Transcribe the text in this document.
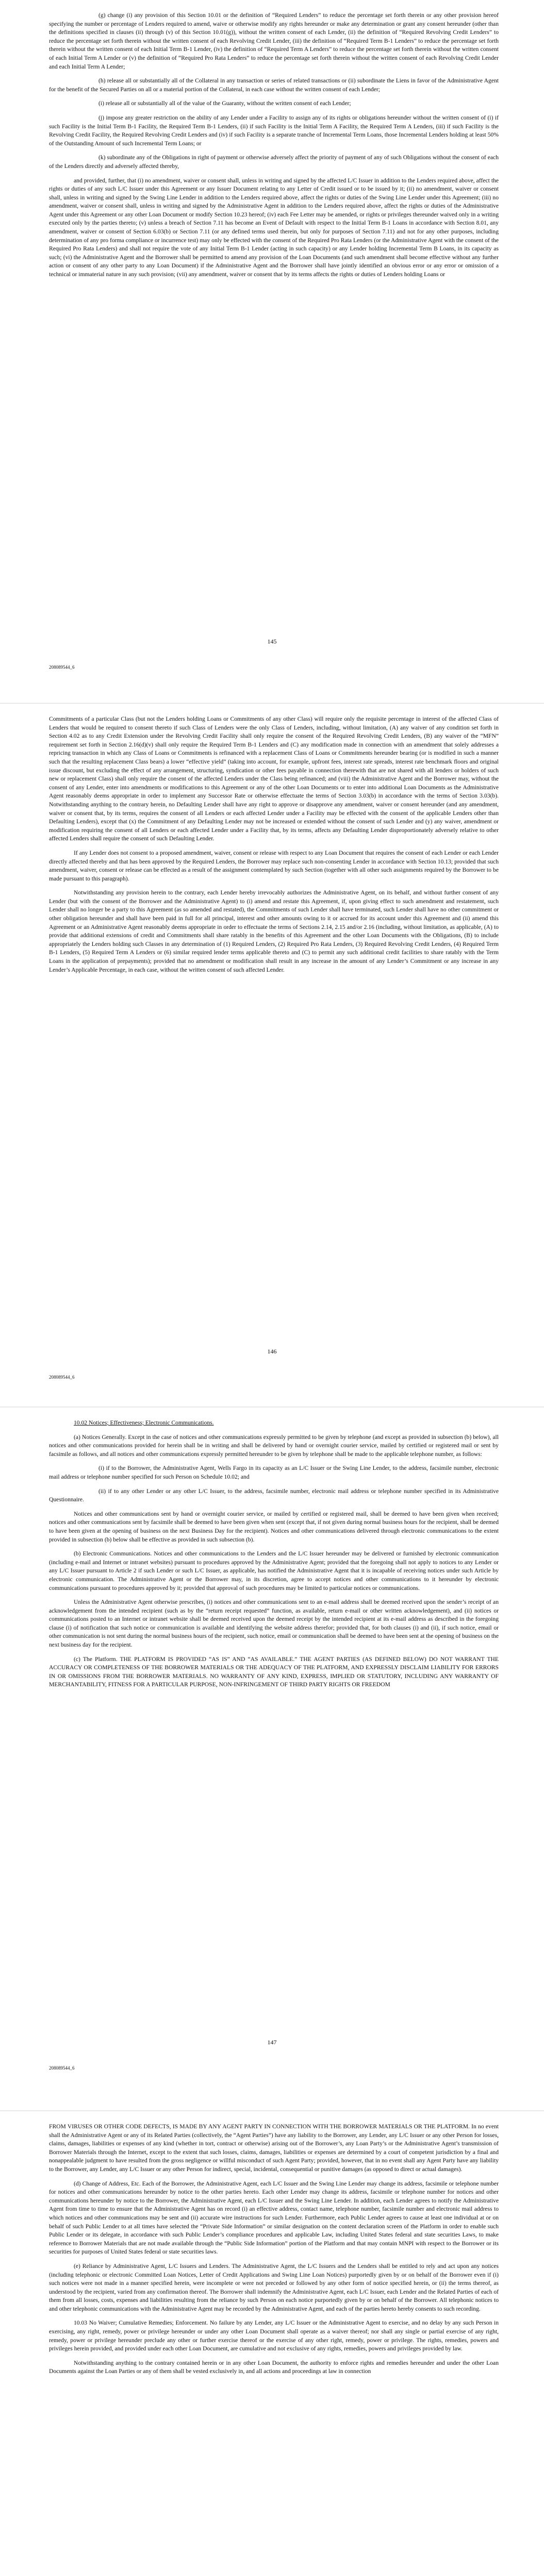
(g) change (i) any provision of this Section 10.01 or the definition of “Required Lenders” to reduce the percentage set forth therein or any other provision hereof specifying the number or percentage of Lenders required to amend, waive or otherwise modify any rights hereunder or make any determination or grant any consent hereunder (other than the definitions specified in clauses (ii) through (v) of this Section 10.01(g)), without the written consent of each Lender, (ii) the definition of “Required Revolving Credit Lenders” to reduce the percentage set forth therein without the written consent of each Revolving Credit Lender, (iii) the definition of “Required Term B-1 Lenders” to reduce the percentage set forth therein without the written consent of each Initial Term B-1 Lender, (iv) the definition of “Required Term A Lenders” to reduce the percentage set forth therein without the written consent of each Initial Term A Lender or (v) the definition of “Required Pro Rata Lenders” to reduce the percentage set forth therein without the written consent of each Revolving Credit Lender and each Initial Term A Lender;

(h) release all or substantially all of the Collateral in any transaction or series of related transactions or (ii) subordinate the Liens in favor of the Administrative Agent for the benefit of the Secured Parties on all or a material portion of the Collateral, in each case without the written consent of each Lender;

(i) release all or substantially all of the value of the Guaranty, without the written consent of each Lender;

(j) impose any greater restriction on the ability of any Lender under a Facility to assign any of its rights or obligations hereunder without the written consent of (i) if such Facility is the Initial Term B-1 Facility, the Required Term B-1 Lenders, (ii) if such Facility is the Initial Term A Facility, the Required Term A Lenders, (iii) if such Facility is the Revolving Credit Facility, the Required Revolving Credit Lenders and (iv) if such Facility is a separate tranche of Incremental Term Loans, those Incremental Lenders holding at least 50% of the Outstanding Amount of such Incremental Term Loans; or

(k) subordinate any of the Obligations in right of payment or otherwise adversely affect the priority of payment of any of such Obligations without the consent of each of the Lenders directly and adversely affected thereby,

and provided, further, that (i) no amendment, waiver or consent shall, unless in writing and signed by the affected L/C Issuer in addition to the Lenders required above, affect the rights or duties of any such L/C Issuer under this Agreement or any Issuer Document relating to any Letter of Credit issued or to be issued by it; (ii) no amendment, waiver or consent shall, unless in writing and signed by the Swing Line Lender in addition to the Lenders required above, affect the rights or duties of the Swing Line Lender under this Agreement; (iii) no amendment, waiver or consent shall, unless in writing and signed by the Administrative Agent in addition to the Lenders required above, affect the rights or duties of the Administrative Agent under this Agreement or any other Loan Document or modify Section 10.23 hereof; (iv) each Fee Letter may be amended, or rights or privileges thereunder waived only in a writing executed only by the parties thereto; (v) unless a breach of Section 7.11 has become an Event of Default with respect to the Initial Term B-1 Loans in accordance with Section 8.01, any amendment, waiver or consent of Section 6.03(b) or Section 7.11 (or any defined terms used therein, but only for purposes of Section 7.11) and not for any other purposes, including determination of any pro forma compliance or incurrence test) may only be effected with the consent of the Required Pro Rata Lenders (or the Administrative Agent with the consent of the Required Pro Rata Lenders) and shall not require the vote of any Initial Term B-1 Lender (acting in such capacity) or any Lender holding Incremental Term B Loans, in its capacity as such; (vi) the Administrative Agent and the Borrower shall be permitted to amend any provision of the Loan Documents (and such amendment shall become effective without any further action or consent of any other party to any Loan Document) if the Administrative Agent and the Borrower shall have jointly identified an obvious error or any error or omission of a technical or immaterial nature in any such provision; (vii) any amendment, waiver or consent that by its terms affects the rights or duties of Lenders holding Loans or

145
208089544_6

Commitments of a particular Class (but not the Lenders holding Loans or Commitments of any other Class) will require only the requisite percentage in interest of the affected Class of Lenders that would be required to consent thereto if such Class of Lenders were the only Class of Lenders, including, without limitation, (A) any waiver of any condition set forth in Section 4.02 as to any Credit Extension under the Revolving Credit Facility shall only require the consent of the Required Revolving Credit Lenders, (B) any waiver of the “MFN” requirement set forth in Section 2.16(d)(v) shall only require the Required Term B-1 Lenders and (C) any modification made in connection with an amendment that solely addresses a repricing transaction in which any Class of Loans or Commitments is refinanced with a replacement Class of Loans or Commitments hereunder bearing (or is modified in such a manner such that the resulting replacement Class bears) a lower “effective yield” (taking into account, for example, upfront fees, interest rate spreads, interest rate benchmark floors and original issue discount, but excluding the effect of any arrangement, structuring, syndication or other fees payable in connection therewith that are not shared with all lenders or holders of such new or replacement Class) shall only require the consent of the affected Lenders under the Class being refinanced; and (viii) the Administrative Agent and the Borrower may, without the consent of any Lender, enter into amendments or modifications to this Agreement or any of the other Loan Documents or to enter into additional Loan Documents as the Administrative Agent reasonably deems appropriate in order to implement any Successor Rate or otherwise effectuate the terms of Section 3.03(b) in accordance with the terms of Section 3.03(b). Notwithstanding anything to the contrary herein, no Defaulting Lender shall have any right to approve or disapprove any amendment, waiver or consent hereunder (and any amendment, waiver or consent that, by its terms, requires the consent of all Lenders or each affected Lender under a Facility may be effected with the consent of the applicable Lenders other than Defaulting Lenders), except that (x) the Commitment of any Defaulting Lender may not be increased or extended without the consent of such Lender and (y) any waiver, amendment or modification requiring the consent of all Lenders or each affected Lender under a Facility that, by its terms, affects any Defaulting Lender disproportionately adversely relative to other affected Lenders shall require the consent of such Defaulting Lender.

If any Lender does not consent to a proposed amendment, waiver, consent or release with respect to any Loan Document that requires the consent of each Lender or each Lender directly affected thereby and that has been approved by the Required Lenders, the Borrower may replace such non-consenting Lender in accordance with Section 10.13; provided that such amendment, waiver, consent or release can be effected as a result of the assignment contemplated by such Section (together with all other such assignments required by the Borrower to be made pursuant to this paragraph).

Notwithstanding any provision herein to the contrary, each Lender hereby irrevocably authorizes the Administrative Agent, on its behalf, and without further consent of any Lender (but with the consent of the Borrower and the Administrative Agent) to (i) amend and restate this Agreement, if, upon giving effect to such amendment and restatement, such Lender shall no longer be a party to this Agreement (as so amended and restated), the Commitments of such Lender shall have terminated, such Lender shall have no other commitment or other obligation hereunder and shall have been paid in full for all principal, interest and other amounts owing to it or accrued for its account under this Agreement and (ii) amend this Agreement or an Administrative Agent reasonably deems appropriate in order to effectuate the terms of Sections 2.14, 2.15 and/or 2.16 (including, without limitation, as applicable, (A) to provide that additional extensions of credit and Commitments shall share ratably in the benefits of this Agreement and the other Loan Documents with the Obligations, (B) to include appropriately the Lenders holding such Classes in any determination of (1) Required Lenders, (2) Required Pro Rata Lenders, (3) Required Revolving Credit Lenders, (4) Required Term B-1 Lenders, (5) Required Term A Lenders or (6) similar required lender terms applicable thereto and (C) to permit any such additional credit facilities to share ratably with the Term Loans in the application of prepayments); provided that no amendment or modification shall result in any increase in the amount of any Lender’s Commitment or any increase in any Lender’s Applicable Percentage, in each case, without the written consent of such affected Lender.

146
208089544_6

10.02 Notices; Effectiveness; Electronic Communications.

(a) Notices Generally. Except in the case of notices and other communications expressly permitted to be given by telephone (and except as provided in subsection (b) below), all notices and other communications provided for herein shall be in writing and shall be delivered by hand or overnight courier service, mailed by certified or registered mail or sent by facsimile as follows, and all notices and other communications expressly permitted hereunder to be given by telephone shall be made to the applicable telephone number, as follows:

(i) if to the Borrower, the Administrative Agent, Wells Fargo in its capacity as an L/C Issuer or the Swing Line Lender, to the address, facsimile number, electronic mail address or telephone number specified for such Person on Schedule 10.02; and

(ii) if to any other Lender or any other L/C Issuer, to the address, facsimile number, electronic mail address or telephone number specified in its Administrative Questionnaire.

Notices and other communications sent by hand or overnight courier service, or mailed by certified or registered mail, shall be deemed to have been given when received; notices and other communications sent by facsimile shall be deemed to have been given when sent (except that, if not given during normal business hours for the recipient, shall be deemed to have been given at the opening of business on the next Business Day for the recipient). Notices and other communications delivered through electronic communications to the extent provided in subsection (b) below shall be effective as provided in such subsection (b).

(b) Electronic Communications. Notices and other communications to the Lenders and the L/C Issuer hereunder may be delivered or furnished by electronic communication (including e-mail and Internet or intranet websites) pursuant to procedures approved by the Administrative Agent; provided that the foregoing shall not apply to notices to any Lender or any L/C Issuer pursuant to Article 2 if such Lender or such L/C Issuer, as applicable, has notified the Administrative Agent that it is incapable of receiving notices under such Article by electronic communication. The Administrative Agent or the Borrower may, in its discretion, agree to accept notices and other communications to it hereunder by electronic communications pursuant to procedures approved by it; provided that approval of such procedures may be limited to particular notices or communications.

Unless the Administrative Agent otherwise prescribes, (i) notices and other communications sent to an e-mail address shall be deemed received upon the sender’s receipt of an acknowledgement from the intended recipient (such as by the “return receipt requested” function, as available, return e-mail or other written acknowledgement), and (ii) notices or communications posted to an Internet or intranet website shall be deemed received upon the deemed receipt by the intended recipient at its e-mail address as described in the foregoing clause (i) of notification that such notice or communication is available and identifying the website address therefor; provided that, for both clauses (i) and (ii), if such notice, email or other communication is not sent during the normal business hours of the recipient, such notice, email or communication shall be deemed to have been sent at the opening of business on the next business day for the recipient.

(c) The Platform. THE PLATFORM IS PROVIDED “AS IS” AND “AS AVAILABLE.” THE AGENT PARTIES (AS DEFINED BELOW) DO NOT WARRANT THE ACCURACY OR COMPLETENESS OF THE BORROWER MATERIALS OR THE ADEQUACY OF THE PLATFORM, AND EXPRESSLY DISCLAIM LIABILITY FOR ERRORS IN OR OMISSIONS FROM THE BORROWER MATERIALS. NO WARRANTY OF ANY KIND, EXPRESS, IMPLIED OR STATUTORY, INCLUDING ANY WARRANTY OF MERCHANTABILITY, FITNESS FOR A PARTICULAR PURPOSE, NON-INFRINGEMENT OF THIRD PARTY RIGHTS OR FREEDOM

147
208089544_6

FROM VIRUSES OR OTHER CODE DEFECTS, IS MADE BY ANY AGENT PARTY IN CONNECTION WITH THE BORROWER MATERIALS OR THE PLATFORM. In no event shall the Administrative Agent or any of its Related Parties (collectively, the “Agent Parties”) have any liability to the Borrower, any Lender, any L/C Issuer or any other Person for losses, claims, damages, liabilities or expenses of any kind (whether in tort, contract or otherwise) arising out of the Borrower’s, any Loan Party’s or the Administrative Agent’s transmission of Borrower Materials through the Internet, except to the extent that such losses, claims, damages, liabilities or expenses are determined by a court of competent jurisdiction by a final and nonappealable judgment to have resulted from the gross negligence or willful misconduct of such Agent Party; provided, however, that in no event shall any Agent Party have any liability to the Borrower, any Lender, any L/C Issuer or any other Person for indirect, special, incidental, consequential or punitive damages (as opposed to direct or actual damages).

(d) Change of Address, Etc. Each of the Borrower, the Administrative Agent, each L/C Issuer and the Swing Line Lender may change its address, facsimile or telephone number for notices and other communications hereunder by notice to the other parties hereto. Each other Lender may change its address, facsimile or telephone number for notices and other communications hereunder by notice to the Borrower, the Administrative Agent, each L/C Issuer and the Swing Line Lender. In addition, each Lender agrees to notify the Administrative Agent from time to time to ensure that the Administrative Agent has on record (i) an effective address, contact name, telephone number, facsimile number and electronic mail address to which notices and other communications may be sent and (ii) accurate wire instructions for such Lender. Furthermore, each Public Lender agrees to cause at least one individual at or on behalf of such Public Lender to at all times have selected the “Private Side Information” or similar designation on the content declaration screen of the Platform in order to enable such Public Lender or its delegate, in accordance with such Public Lender’s compliance procedures and applicable Law, including United States federal and state securities Laws, to make reference to Borrower Materials that are not made available through the “Public Side Information” portion of the Platform and that may contain MNPI with respect to the Borrower or its securities for purposes of United States federal or state securities laws.

(e) Reliance by Administrative Agent, L/C Issuers and Lenders. The Administrative Agent, the L/C Issuers and the Lenders shall be entitled to rely and act upon any notices (including telephonic or electronic Committed Loan Notices, Letter of Credit Applications and Swing Line Loan Notices) purportedly given by or on behalf of the Borrower even if (i) such notices were not made in a manner specified herein, were incomplete or were not preceded or followed by any other form of notice specified herein, or (ii) the terms thereof, as understood by the recipient, varied from any confirmation thereof. The Borrower shall indemnify the Administrative Agent, each L/C Issuer, each Lender and the Related Parties of each of them from all losses, costs, expenses and liabilities resulting from the reliance by such Person on each notice purportedly given by or on behalf of the Borrower. All telephonic notices to and other telephonic communications with the Administrative Agent may be recorded by the Administrative Agent, and each of the parties hereto hereby consents to such recording.

10.03 No Waiver; Cumulative Remedies; Enforcement. No failure by any Lender, any L/C Issuer or the Administrative Agent to exercise, and no delay by any such Person in exercising, any right, remedy, power or privilege hereunder or under any other Loan Document shall operate as a waiver thereof; nor shall any single or partial exercise of any right, remedy, power or privilege hereunder preclude any other or further exercise thereof or the exercise of any other right, remedy, power or privilege. The rights, remedies, powers and privileges herein provided, and provided under each other Loan Document, are cumulative and not exclusive of any rights, remedies, powers and privileges provided by law.

Notwithstanding anything to the contrary contained herein or in any other Loan Document, the authority to enforce rights and remedies hereunder and under the other Loan Documents against the Loan Parties or any of them shall be vested exclusively in, and all actions and proceedings at law in connection
